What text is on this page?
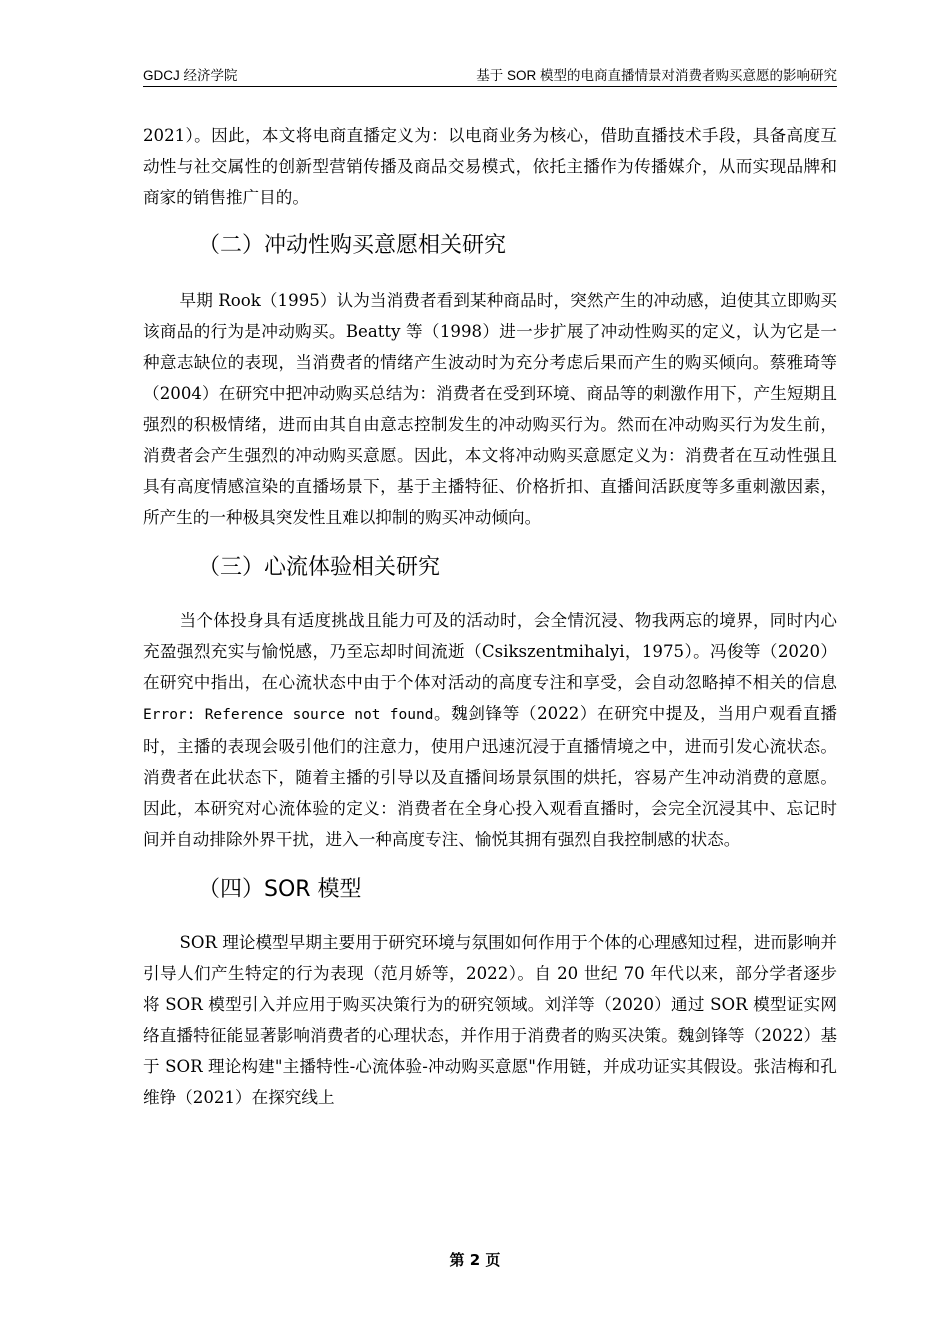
GDCJ 经济学院	基于 SOR 模型的电商直播情景对消费者购买意愿的影响研究

2021）。因此，本文将电商直播定义为：以电商业务为核心，借助直播技术手段，具备高度互动性与社交属性的创新型营销传播及商品交易模式，依托主播作为传播媒介，从而实现品牌和商家的销售推广目的。

（二）冲动性购买意愿相关研究

早期 Rook（1995）认为当消费者看到某种商品时，突然产生的冲动感，迫使其立即购买该商品的行为是冲动购买。Beatty 等（1998）进一步扩展了冲动性购买的定义，认为它是一种意志缺位的表现，当消费者的情绪产生波动时为充分考虑后果而产生的购买倾向。蔡雅琦等（2004）在研究中把冲动购买总结为：消费者在受到环境、商品等的刺激作用下，产生短期且强烈的积极情绪，进而由其自由意志控制发生的冲动购买行为。然而在冲动购买行为发生前，消费者会产生强烈的冲动购买意愿。因此，本文将冲动购买意愿定义为：消费者在互动性强且具有高度情感渲染的直播场景下，基于主播特征、价格折扣、直播间活跃度等多重刺激因素，所产生的一种极具突发性且难以抑制的购买冲动倾向。

（三）心流体验相关研究

当个体投身具有适度挑战且能力可及的活动时，会全情沉浸、物我两忘的境界，同时内心充盈强烈充实与愉悦感，乃至忘却时间流逝（Csikszentmihalyi，1975）。冯俊等（2020）在研究中指出，在心流状态中由于个体对活动的高度专注和享受，会自动忽略掉不相关的信息Error: Reference source not found。魏剑锋等（2022）在研究中提及，当用户观看直播时，主播的表现会吸引他们的注意力，使用户迅速沉浸于直播情境之中，进而引发心流状态。消费者在此状态下，随着主播的引导以及直播间场景氛围的烘托，容易产生冲动消费的意愿。因此，本研究对心流体验的定义：消费者在全身心投入观看直播时，会完全沉浸其中、忘记时间并自动排除外界干扰，进入一种高度专注、愉悦其拥有强烈自我控制感的状态。

（四）SOR 模型

SOR 理论模型早期主要用于研究环境与氛围如何作用于个体的心理感知过程，进而影响并引导人们产生特定的行为表现（范月娇等，2022）。自 20 世纪 70 年代以来，部分学者逐步将 SOR 模型引入并应用于购买决策行为的研究领域。刘洋等（2020）通过 SOR 模型证实网络直播特征能显著影响消费者的心理状态，并作用于消费者的购买决策。魏剑锋等（2022）基于 SOR 理论构建"主播特性-心流体验-冲动购买意愿"作用链，并成功证实其假设。张洁梅和孔维铮（2021）在探究线上

第 2 页
